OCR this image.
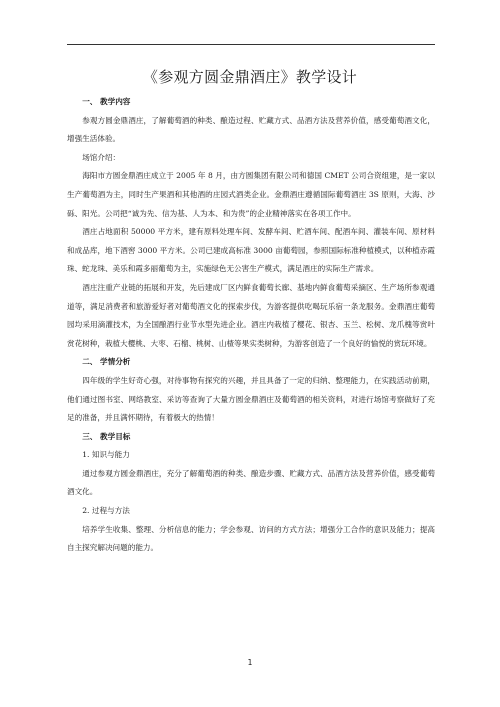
《参观方圆金鼎酒庄》教学设计
一、 教学内容

参观方圆金鼎酒庄，了解葡萄酒的种类、酿造过程、贮藏方式、品酒方法及营养价值，感受葡萄酒文化，增强生活体验。

场馆介绍：

海阳市方圆金鼎酒庄成立于 2005 年 8 月，由方圆集团有限公司和德国 CMET 公司合资组建，是一家以生产葡萄酒为主，同时生产果酒和其他酒的庄园式酒类企业。金鼎酒庄遵循国际葡萄酒庄 3S 原则，大海、沙砾、阳光。公司把“诚为先、信为基、人为本、和为贵”的企业精神落实在各项工作中。

酒庄占地面积 50000 平方米，建有原料处理车间、发酵车间、贮酒车间、配酒车间、灌装车间、原材料和成品库，地下酒窖 3000 平方米。公司已建成高标准 3000 亩葡萄园，参照国际标准种植模式，以种植赤霞珠、蛇龙珠、美乐和霞多丽葡萄为主，实施绿色无公害生产模式，满足酒庄的实际生产需求。

酒庄注重产业链的拓展和开发，先后建成厂区内鲜食葡萄长廊、基地内鲜食葡萄采摘区、生产场所参观通道等，满足消费者和旅游爱好者对葡萄酒文化的探索步伐，为游客提供吃喝玩乐宿一条龙服务。金鼎酒庄葡萄园均采用滴灌技术，为全国酿酒行业节水型先进企业。酒庄内栽植了樱花、银杏、玉兰、松树、龙爪槐等赏叶赏花树种，栽植大樱桃、大枣、石榴、桃树、山楂等果实类树种，为游客创造了一个良好的愉悦的赏玩环境。

二、 学情分析

四年级的学生好奇心强，对待事物有探究的兴趣，并且具备了一定的归纳、整理能力，在实践活动前期，他们通过图书室、网络教室、采访等查询了大量方圆金鼎酒庄及葡萄酒的相关资料，对进行场馆考察做好了充足的准备，并且满怀期待，有着极大的热情！

三、 教学目标

1. 知识与能力

通过参观方圆金鼎酒庄，充分了解葡萄酒的种类、酿造步骤、贮藏方式、品酒方法及营养价值，感受葡萄酒文化。

2. 过程与方法

培养学生收集、整理、分析信息的能力；学会参观、访问的方式方法；增强分工合作的意识及能力；提高自主探究解决问题的能力。

1
